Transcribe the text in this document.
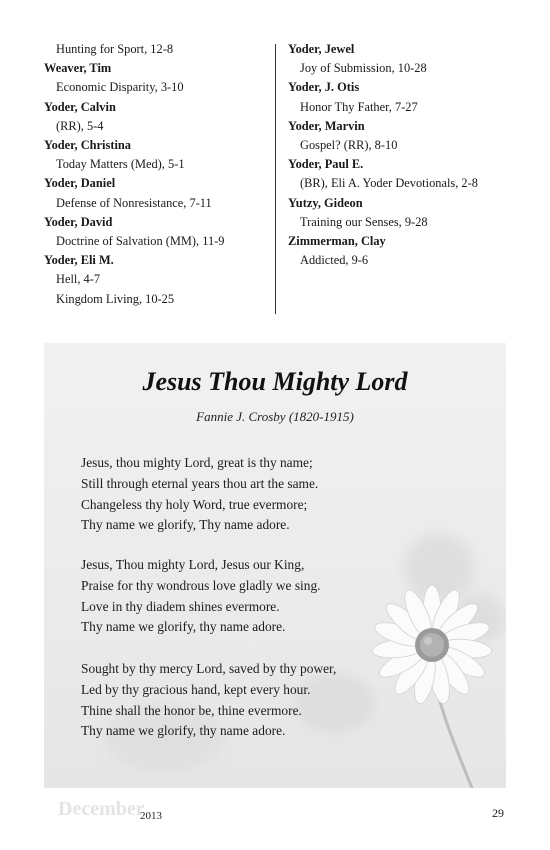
Hunting for Sport, 12-8
Weaver, Tim
Economic Disparity, 3-10
Yoder, Calvin
(RR), 5-4
Yoder, Christina
Today Matters (Med), 5-1
Yoder, Daniel
Defense of Nonresistance, 7-11
Yoder, David
Doctrine of Salvation (MM), 11-9
Yoder, Eli M.
Hell, 4-7
Kingdom Living, 10-25
Yoder, Jewel
Joy of Submission, 10-28
Yoder, J. Otis
Honor Thy Father, 7-27
Yoder, Marvin
Gospel? (RR), 8-10
Yoder, Paul E.
(BR), Eli A. Yoder Devotionals, 2-8
Yutzy, Gideon
Training our Senses, 9-28
Zimmerman, Clay
Addicted, 9-6
Jesus Thou Mighty Lord
Fannie J. Crosby (1820-1915)
Jesus, thou mighty Lord, great is thy name;
Still through eternal years thou art the same.
Changeless thy holy Word, true evermore;
Thy name we glorify, Thy name adore.
Jesus, Thou mighty Lord, Jesus our King,
Praise for thy wondrous love gladly we sing.
Love in thy diadem shines evermore.
Thy name we glorify, thy name adore.
Sought by thy mercy Lord, saved by thy power,
Led by thy gracious hand, kept every hour.
Thine shall the honor be, thine evermore.
Thy name we glorify, thy name adore.
December
2013	29
